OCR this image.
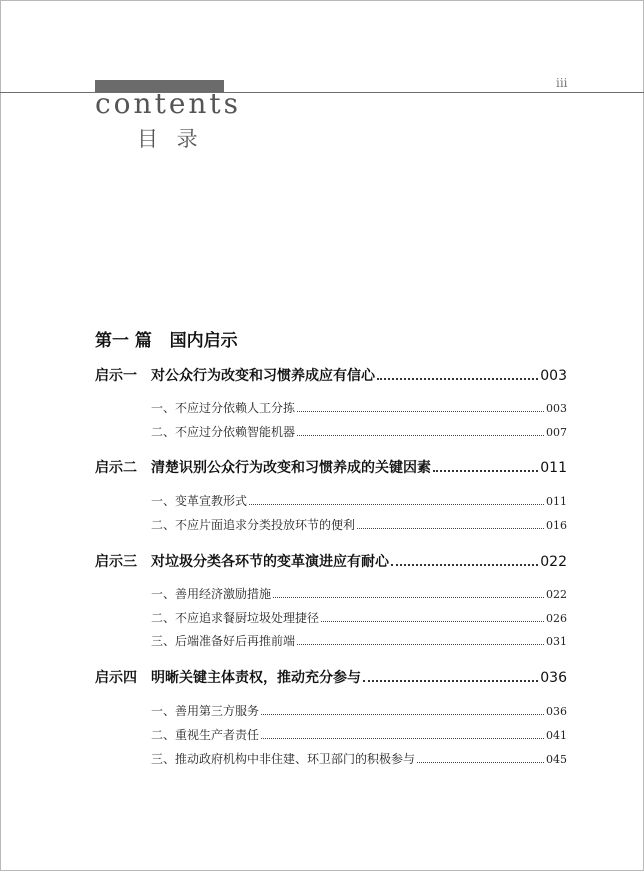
iii
contents
目 录
第一 篇   国内启示
启示一	对公众行为改变和习惯养成应有信心	003
一、不应过分依赖人工分拣	003
二、不应过分依赖智能机器	007
启示二	清楚识别公众行为改变和习惯养成的关键因素	011
一、变革宣教形式	011
二、不应片面追求分类投放环节的便利	016
启示三	对垃圾分类各环节的变革演进应有耐心	022
一、善用经济激励措施	022
二、不应追求餐厨垃圾处理捷径	026
三、后端准备好后再推前端	031
启示四	明晰关键主体责权，推动充分参与	036
一、善用第三方服务	036
二、重视生产者责任	041
三、推动政府机构中非住建、环卫部门的积极参与	045
